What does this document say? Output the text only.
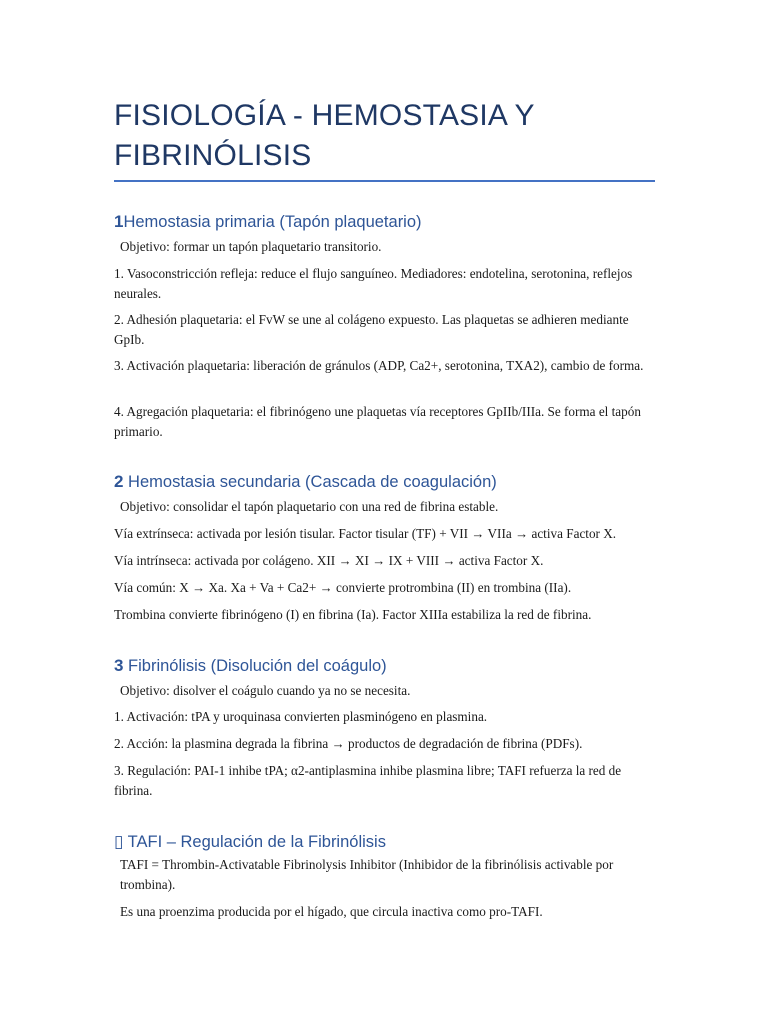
FISIOLOGÍA - HEMOSTASIA Y FIBRINÓLISIS
1Hemostasia primaria (Tapón plaquetario)
Objetivo: formar un tapón plaquetario transitorio.
1. Vasoconstricción refleja: reduce el flujo sanguíneo. Mediadores: endotelina, serotonina, reflejos neurales.
2. Adhesión plaquetaria: el FvW se une al colágeno expuesto. Las plaquetas se adhieren mediante GpIb.
3. Activación plaquetaria: liberación de gránulos (ADP, Ca2+, serotonina, TXA2), cambio de forma.
4. Agregación plaquetaria: el fibrinógeno une plaquetas vía receptores GpIIb/IIIa. Se forma el tapón primario.
2 Hemostasia secundaria (Cascada de coagulación)
Objetivo: consolidar el tapón plaquetario con una red de fibrina estable.
Vía extrínseca: activada por lesión tisular. Factor tisular (TF) + VII → VIIa → activa Factor X.
Vía intrínseca: activada por colágeno. XII → XI → IX + VIII → activa Factor X.
Vía común: X → Xa. Xa + Va + Ca2+ → convierte protrombina (II) en trombina (IIa).
Trombina convierte fibrinógeno (I) en fibrina (Ia). Factor XIIIa estabiliza la red de fibrina.
3 Fibrinólisis (Disolución del coágulo)
Objetivo: disolver el coágulo cuando ya no se necesita.
1. Activación: tPA y uroquinasa convierten plasminógeno en plasmina.
2. Acción: la plasmina degrada la fibrina → productos de degradación de fibrina (PDFs).
3. Regulación: PAI-1 inhibe tPA; α2-antiplasmina inhibe plasmina libre; TAFI refuerza la red de fibrina.
▯ TAFI – Regulación de la Fibrinólisis
TAFI = Thrombin-Activatable Fibrinolysis Inhibitor (Inhibidor de la fibrinólisis activable por trombina).
Es una proenzima producida por el hígado, que circula inactiva como pro-TAFI.
